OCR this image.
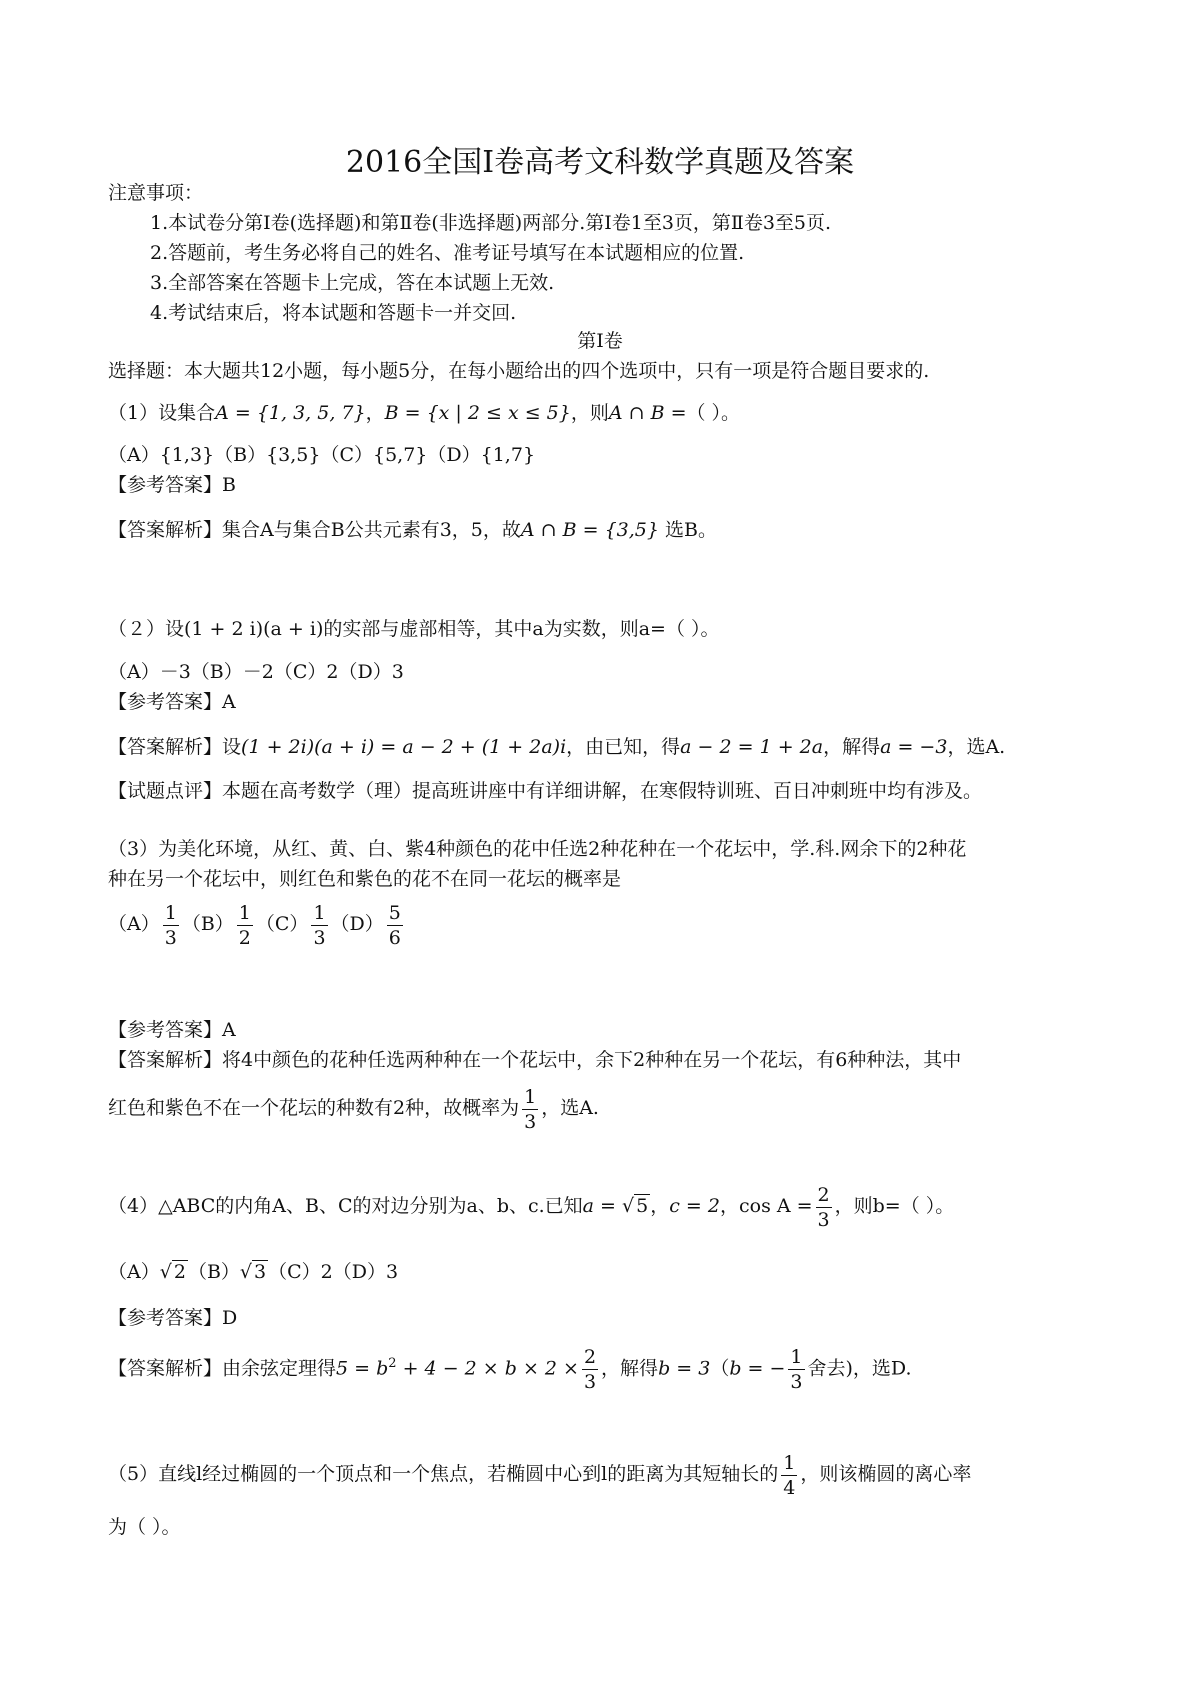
2016全国Ⅰ卷高考文科数学真题及答案
注意事项：
1.本试卷分第Ⅰ卷(选择题)和第Ⅱ卷(非选择题)两部分.第Ⅰ卷1至3页，第Ⅱ卷3至5页.
2.答题前，考生务必将自己的姓名、准考证号填写在本试题相应的位置.
3.全部答案在答题卡上完成，答在本试题上无效.
4.考试结束后，将本试题和答题卡一并交回.
第Ⅰ卷
选择题：本大题共12小题，每小题5分，在每小题给出的四个选项中，只有一项是符合题目要求的.
（1）设集合A = {1, 3, 5, 7}，B = {x | 2 ≤ x ≤ 5}，则A ∩ B =（ ）。
（A）{1,3}（B）{3,5}（C）{5,7}（D）{1,7}
【参考答案】B
【答案解析】集合A与集合B公共元素有3，5，故A ∩ B = {3,5} 选B。
（２）设(1 + 2 i)(a + i)的实部与虚部相等，其中a为实数，则a=（ ）。
（A）－3（B）－2（C）2（D）3
【参考答案】A
【答案解析】设(1 + 2i)(a + i) = a − 2 + (1 + 2a)i，由已知，得a − 2 = 1 + 2a，解得a = −3，选A.
【试题点评】本题在高考数学（理）提高班讲座中有详细讲解，在寒假特训班、百日冲刺班中均有涉及。
（3）为美化环境，从红、黄、白、紫4种颜色的花中任选2种花种在一个花坛中，学.科.网余下的2种花
种在另一个花坛中，则红色和紫色的花不在同一花坛的概率是
$(A) \frac{1}{3} (B) \frac{1}{2} (C) \frac{1}{3} (D) \frac{5}{6}$
【参考答案】A
【答案解析】将4中颜色的花种任选两种种在一个花坛中，余下2种种在另一个花坛，有6种种法，其中
红色和紫色不在一个花坛的种数有2种，故概率为 $\frac{1}{3}$ ，选A.
（4）△ABC的内角A、B、C的对边分别为a、b、c.已知a = √ 5 ，c = 2，$\cos A = \frac{2}{3}$ ，则b=（ ）。
（A）√ 2 （B）√ 3 （C）2（D）3
【参考答案】D
【答案解析】由余弦定理得$5 = b^2 + 4 - 2 \times b \times 2 \times \frac{2}{3}$ ，解得b = 3（b = − $\frac{1}{3}$ 舍去)，选D.
（5）直线l经过椭圆的一个顶点和一个焦点，若椭圆中心到l的距离为其短轴长的 $\frac{1}{4}$ ，则该椭圆的离心率
为（ ）。
